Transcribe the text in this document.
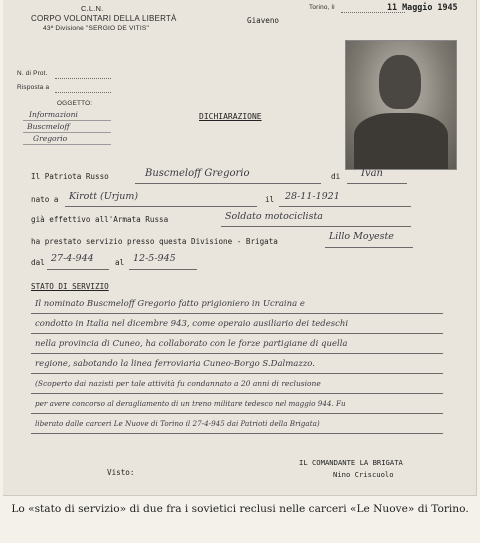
C.L.N.
CORPO VOLONTARI DELLA LIBERTÀ
43ª Divisione "SERGIO DE VITIS"
Giaveno
Torino, li	11 Maggio 1945
N. di Prot.
Risposta a
OGGETTO:
Informazioni
Buscmeloff
Gregorio
DICHIARAZIONE
Il Patriota Russo	Buscmeloff Gregorio	di Ivan
nato a Kirott (Urjum)	il 28-11-1921
già effettivo all'Armata Russa	Soldato motociclista
ha prestato servizio presso questa Divisione - Brigata	Lillo Moyeste
dal 27-4-944	al 12-5-945
STATO DI SERVIZIO
Il nominato Buscmeloff Gregorio fatto prigioniero in Ucraina e
condotto in Italia nel dicembre 943, come operaio ausiliario dei tedeschi
nella provincia di Cuneo, ha collaborato con le forze partigiane di quella
regione, sabotando la linea ferroviaria Cuneo-Borgo S.Dalmazzo.
(Scoperto dai nazisti per tale attività fu condannato a 20 anni di reclusione
per avere concorso al deragliamento di un treno militare tedesco nel maggio 944. Fu
liberato dalle carceri Le Nuove di Torino il 27-4-945 dai Patrioti della Brigata)
Visto:
IL COMANDANTE LA BRIGATA
Nino Criscuolo
Lo «stato di servizio» di due fra i sovietici reclusi nelle carceri «Le Nuove» di Torino.
